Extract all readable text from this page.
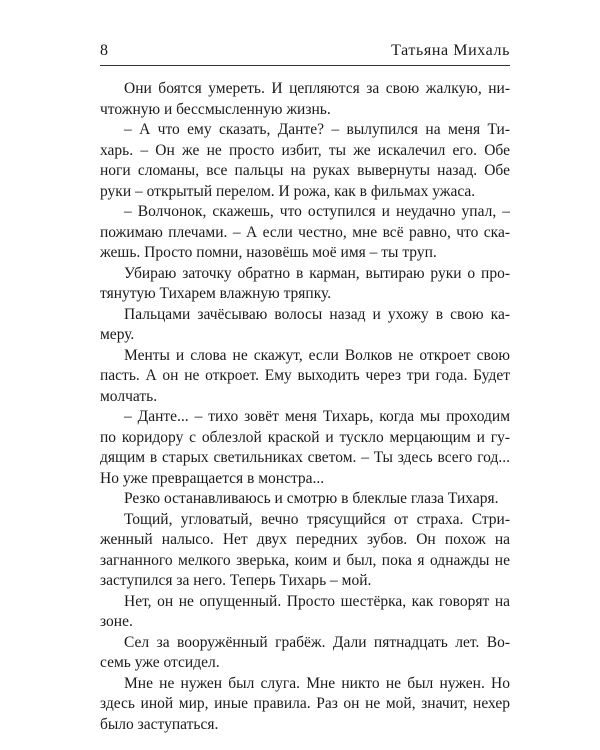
8	Татьяна Михаль

Они боятся умереть. И цепляются за свою жалкую, ни-
чтожную и бессмысленную жизнь.

– А что ему сказать, Данте? – вылупился на меня Ти-
харь. – Он же не просто избит, ты же искалечил его. Обе
ноги сломаны, все пальцы на руках вывернуты назад. Обе
руки – открытый перелом. И рожа, как в фильмах ужаса.

– Волчонок, скажешь, что оступился и неудачно упал, –
пожимаю плечами. – А если честно, мне всё равно, что ска-
жешь. Просто помни, назовёшь моё имя – ты труп.

Убираю заточку обратно в карман, вытираю руки о про-
тянутую Тихарем влажную тряпку.

Пальцами зачёсываю волосы назад и ухожу в свою ка-
меру.

Менты и слова не скажут, если Волков не откроет свою
пасть. А он не откроет. Ему выходить через три года. Будет
молчать.

– Данте... – тихо зовёт меня Тихарь, когда мы проходим
по коридору с облезлой краской и тускло мерцающим и гу-
дящим в старых светильниках светом. – Ты здесь всего год...
Но уже превращается в монстра...

Резко останавливаюсь и смотрю в блеклые глаза Тихаря.

Тощий, угловатый, вечно трясущийся от страха. Стри-
женный налысо. Нет двух передних зубов. Он похож на
загнанного мелкого зверька, коим и был, пока я однажды не
заступился за него. Теперь Тихарь – мой.

Нет, он не опущенный. Просто шестёрка, как говорят на
зоне.

Сел за вооружённый грабёж. Дали пятнадцать лет. Во-
семь уже отсидел.

Мне не нужен был слуга. Мне никто не был нужен. Но
здесь иной мир, иные правила. Раз он не мой, значит, нехер
было заступаться.
